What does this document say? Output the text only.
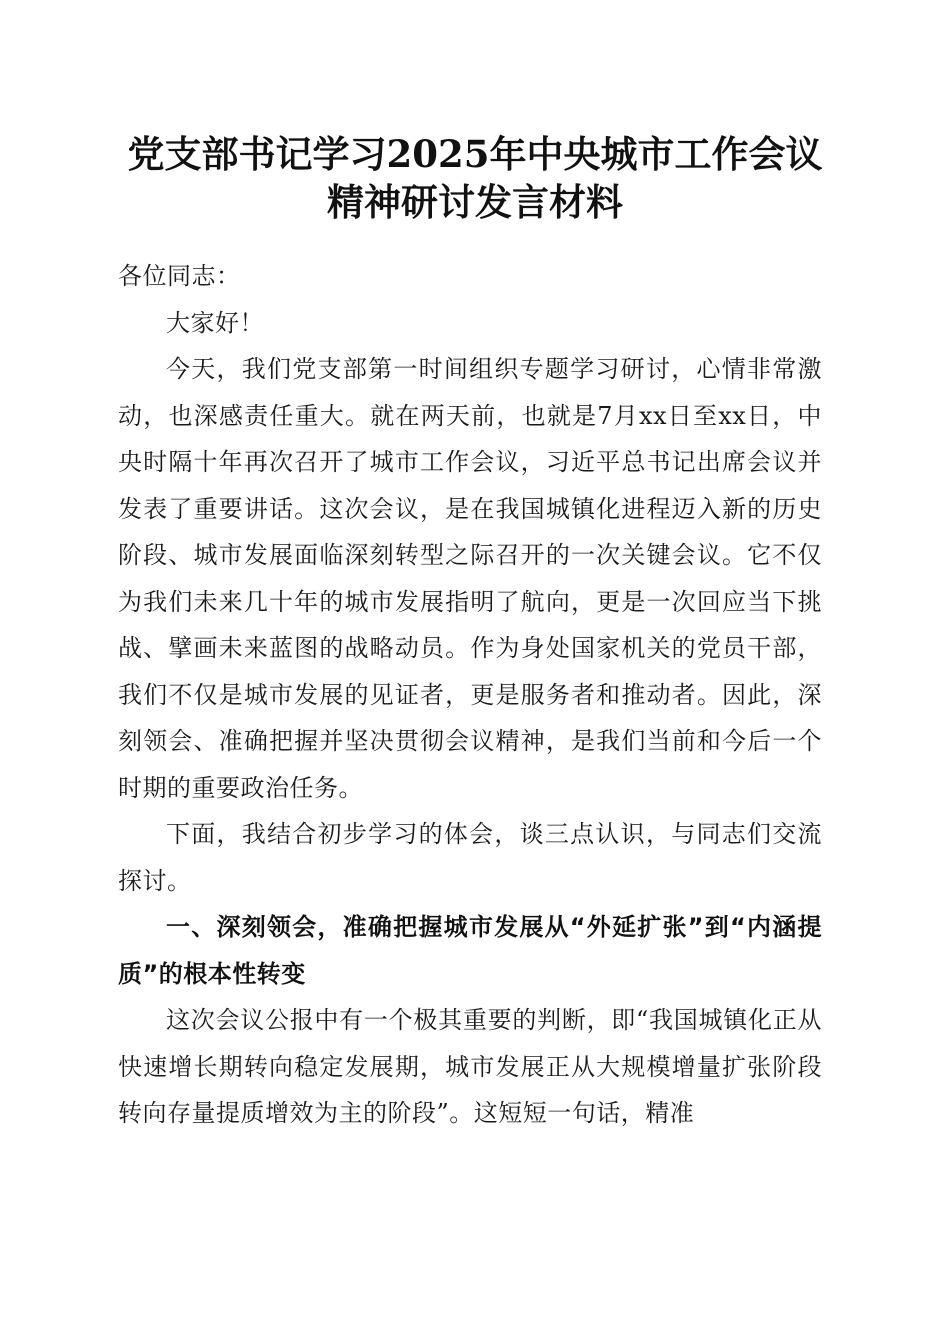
党支部书记学习2025年中央城市工作会议精神研讨发言材料

各位同志：

大家好！

今天，我们党支部第一时间组织专题学习研讨，心情非常激动，也深感责任重大。就在两天前，也就是7月xx日至xx日，中央时隔十年再次召开了城市工作会议，习近平总书记出席会议并发表了重要讲话。这次会议，是在我国城镇化进程迈入新的历史阶段、城市发展面临深刻转型之际召开的一次关键会议。它不仅为我们未来几十年的城市发展指明了航向，更是一次回应当下挑战、擘画未来蓝图的战略动员。作为身处国家机关的党员干部，我们不仅是城市发展的见证者，更是服务者和推动者。因此，深刻领会、准确把握并坚决贯彻会议精神，是我们当前和今后一个时期的重要政治任务。

下面，我结合初步学习的体会，谈三点认识，与同志们交流探讨。

一、深刻领会，准确把握城市发展从“外延扩张”到“内涵提质”的根本性转变

这次会议公报中有一个极其重要的判断，即“我国城镇化正从快速增长期转向稳定发展期，城市发展正从大规模增量扩张阶段转向存量提质增效为主的阶段”。这短短一句话，精准
